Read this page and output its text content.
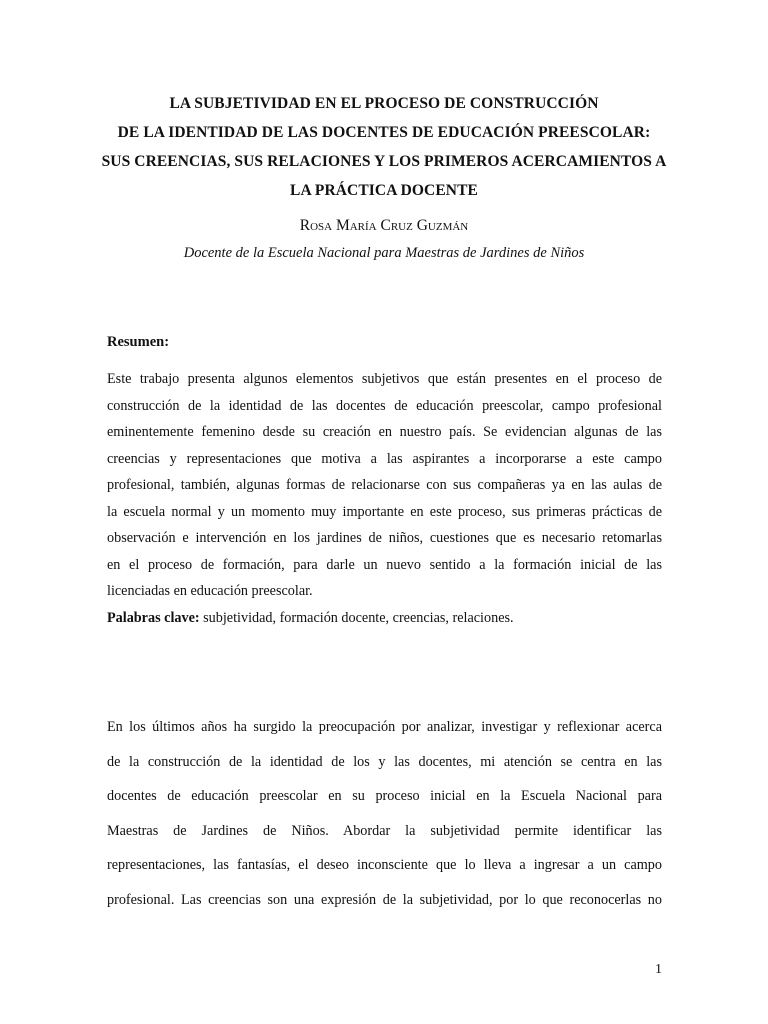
LA SUBJETIVIDAD EN EL PROCESO DE CONSTRUCCIÓN
DE LA IDENTIDAD DE LAS DOCENTES DE EDUCACIÓN PREESCOLAR:
SUS CREENCIAS, SUS RELACIONES Y LOS PRIMEROS ACERCAMIENTOS A
LA PRÁCTICA DOCENTE
Rosa María Cruz Guzmán
Docente de la Escuela Nacional para Maestras de Jardines de Niños
Resumen:
Este trabajo presenta algunos elementos subjetivos que están presentes en el proceso de
construcción de la identidad de las docentes de educación preescolar, campo profesional
eminentemente femenino desde su creación en nuestro país. Se evidencian algunas de las
creencias y representaciones que motiva a las aspirantes a incorporarse a este campo
profesional, también, algunas formas de relacionarse con sus compañeras ya en las aulas de
la escuela normal y un momento muy importante en este proceso, sus primeras prácticas de
observación e intervención en los jardines de niños, cuestiones que es necesario retomarlas
en el proceso de formación, para darle un nuevo sentido a la formación inicial de las
licenciadas en educación preescolar.
Palabras clave: subjetividad, formación docente, creencias, relaciones.
En los últimos años ha surgido la preocupación por analizar, investigar y reflexionar acerca
de la construcción de la identidad de los y las docentes, mi atención se centra en las
docentes de educación preescolar en su proceso inicial en la Escuela Nacional para
Maestras de Jardines de Niños. Abordar la subjetividad permite identificar las
representaciones, las fantasías, el deseo inconsciente que lo lleva a ingresar a un campo
profesional. Las creencias son una expresión de la subjetividad, por lo que reconocerlas no
1
